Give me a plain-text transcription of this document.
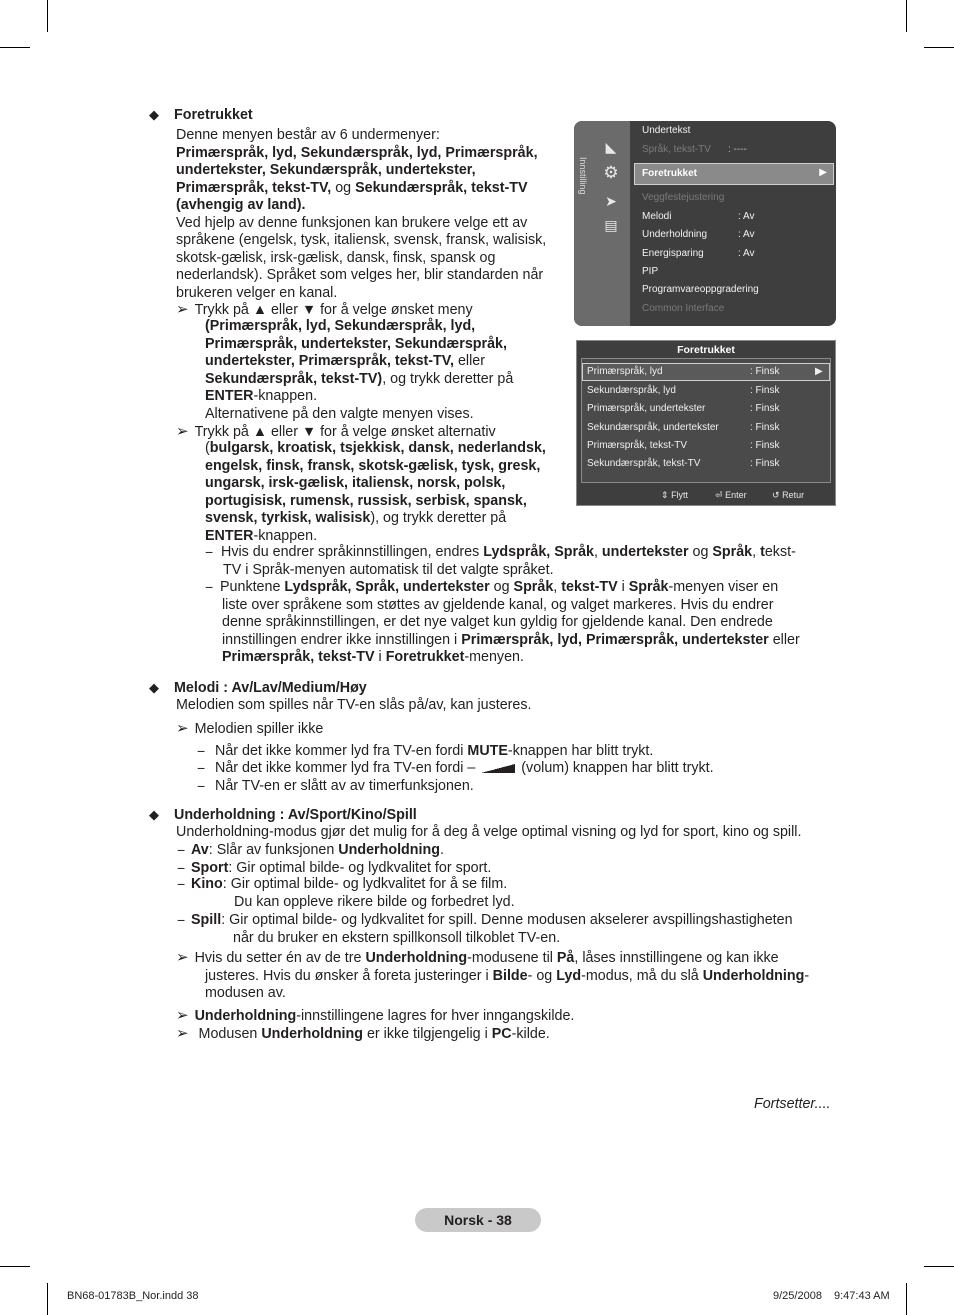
◆ Foretrukket
Denne menyen består av 6 undermenyer:
Primærspråk, lyd, Sekundærspråk, lyd, Primærspråk,
undertekster, Sekundærspråk, undertekster,
Primærspråk, tekst-TV, og Sekundærspråk, tekst-TV
(avhengig av land).
Ved hjelp av denne funksjonen kan brukere velge ett av
språkene (engelsk, tysk, italiensk, svensk, fransk, walisisk,
skotsk-gælisk, irsk-gælisk, dansk, finsk, spansk og
nederlandsk). Språket som velges her, blir standarden når
brukeren velger en kanal.
➢ Trykk på ▲ eller ▼ for å velge ønsket meny
(Primærspråk, lyd, Sekundærspråk, lyd,
Primærspråk, undertekster, Sekundærspråk,
undertekster, Primærspråk, tekst-TV, eller
Sekundærspråk, tekst-TV), og trykk deretter på
ENTER-knappen.
Alternativene på den valgte menyen vises.
➢ Trykk på ▲ eller ▼ for å velge ønsket alternativ
(bulgarsk, kroatisk, tsjekkisk, dansk, nederlandsk,
engelsk, finsk, fransk, skotsk-gælisk, tysk, gresk,
ungarsk, irsk-gælisk, italiensk, norsk, polsk,
portugisisk, rumensk, russisk, serbisk, spansk,
svensk, tyrkisk, walisisk), og trykk deretter på
ENTER-knappen.
− Hvis du endrer språkinnstillingen, endres Lydspråk, Språk, undertekster og Språk, tekst-
TV i Språk-menyen automatisk til det valgte språket.
− Punktene Lydspråk, Språk, undertekster og Språk, tekst-TV i Språk-menyen viser en
liste over språkene som støttes av gjeldende kanal, og valget markeres. Hvis du endrer
denne språkinnstillingen, er det nye valget kun gyldig for gjeldende kanal. Den endrede
innstillingen endrer ikke innstillingen i Primærspråk, lyd, Primærspråk, undertekster eller
Primærspråk, tekst-TV i Foretrukket-menyen.
◆ Melodi : Av/Lav/Medium/Høy
Melodien som spilles når TV-en slås på/av, kan justeres.
➢ Melodien spiller ikke
− Når det ikke kommer lyd fra TV-en fordi MUTE-knappen har blitt trykt.
− Når det ikke kommer lyd fra TV-en fordi –	(volum) knappen har blitt trykt.
− Når TV-en er slått av av timerfunksjonen.
◆ Underholdning : Av/Sport/Kino/Spill
Underholdning-modus gjør det mulig for å deg å velge optimal visning og lyd for sport, kino og spill.
− Av: Slår av funksjonen Underholdning.
− Sport: Gir optimal bilde- og lydkvalitet for sport.
− Kino: Gir optimal bilde- og lydkvalitet for å se film.
Du kan oppleve rikere bilde og forbedret lyd.
− Spill: Gir optimal bilde- og lydkvalitet for spill. Denne modusen akselerer avspillingshastigheten
når du bruker en ekstern spillkonsoll tilkoblet TV-en.
➢ Hvis du setter én av de tre Underholdning-modusene til På, låses innstillingene og kan ikke
justeres. Hvis du ønsker å foreta justeringer i Bilde- og Lyd-modus, må du slå Underholdning-
modusen av.
➢ Underholdning-innstillingene lagres for hver inngangskilde.
➢ Modusen Underholdning er ikke tilgjengelig i PC-kilde.
Fortsetter....
Innstilling
◣
⚙
➤
▤
Foretrukket	▶
Undertekst
Språk, tekst-TV : ----
Veggfestejustering
Melodi	: Av
Underholdning	: Av
Energisparing	: Av
PIP
Programvareoppgradering
Common Interface
Foretrukket
Primærspråk, lyd	: Finsk	▶
Sekundærspråk, lyd	: Finsk
Primærspråk, undertekster	: Finsk
Sekundærspråk, undertekster	: Finsk
Primærspråk, tekst-TV	: Finsk
Sekundærspråk, tekst-TV	: Finsk
⇕ Flytt	⏎ Enter	↺ Retur
Norsk - 38
BN68-01783B_Nor.indd 38	9/25/2008 9:47:43 AM
